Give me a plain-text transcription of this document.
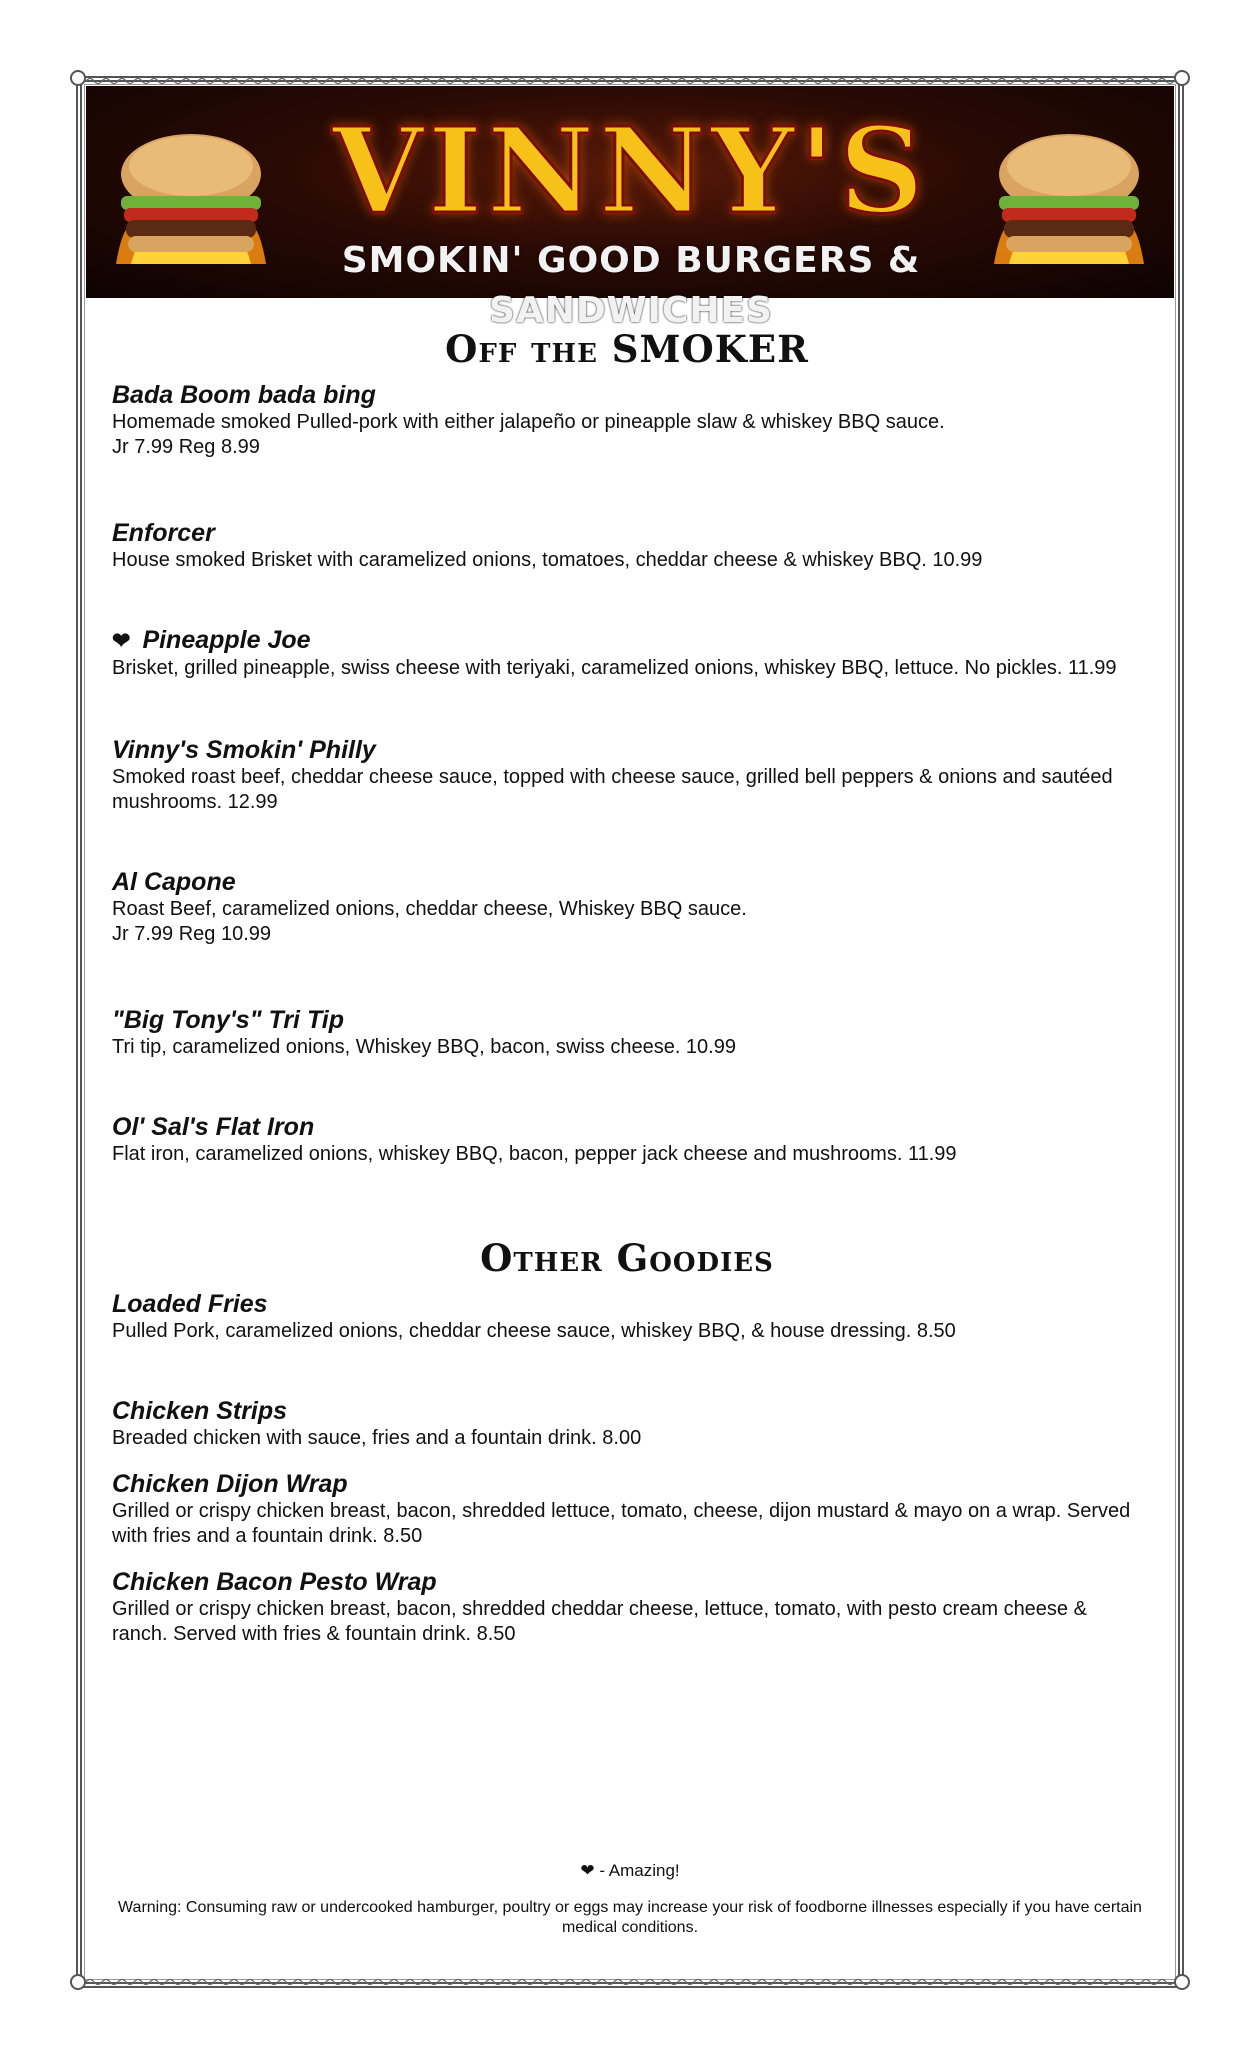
VINNY'S
SMOKIN' GOOD BURGERS & SANDWICHES
Off the SMOKER

Bada Boom bada bing

Homemade smoked Pulled-pork with either jalapeño or pineapple slaw & whiskey BBQ sauce.

Jr 7.99 Reg 8.99

Enforcer

House smoked Brisket with caramelized onions, tomatoes, cheddar cheese & whiskey BBQ. 10.99

❤ Pineapple Joe

Brisket, grilled pineapple, swiss cheese with teriyaki, caramelized onions, whiskey BBQ, lettuce. No pickles. 11.99

Vinny's Smokin' Philly

Smoked roast beef, cheddar cheese sauce, topped with cheese sauce, grilled bell peppers & onions and sautéed mushrooms. 12.99

Al Capone

Roast Beef, caramelized onions, cheddar cheese, Whiskey BBQ sauce.

Jr 7.99 Reg 10.99

"Big Tony's" Tri Tip

Tri tip, caramelized onions, Whiskey BBQ, bacon, swiss cheese. 10.99

Ol' Sal's Flat Iron

Flat iron, caramelized onions, whiskey BBQ, bacon, pepper jack cheese and mushrooms. 11.99

Other Goodies

Loaded Fries

Pulled Pork, caramelized onions, cheddar cheese sauce, whiskey BBQ, & house dressing. 8.50

Chicken Strips

Breaded chicken with sauce, fries and a fountain drink. 8.00

Chicken Dijon Wrap

Grilled or crispy chicken breast, bacon, shredded lettuce, tomato, cheese, dijon mustard & mayo on a wrap. Served with fries and a fountain drink. 8.50

Chicken Bacon Pesto Wrap

Grilled or crispy chicken breast, bacon, shredded cheddar cheese, lettuce, tomato, with pesto cream cheese & ranch. Served with fries & fountain drink. 8.50

❤ - Amazing!
Warning: Consuming raw or undercooked hamburger, poultry or eggs may increase your risk of foodborne illnesses especially if you have certain medical conditions.
